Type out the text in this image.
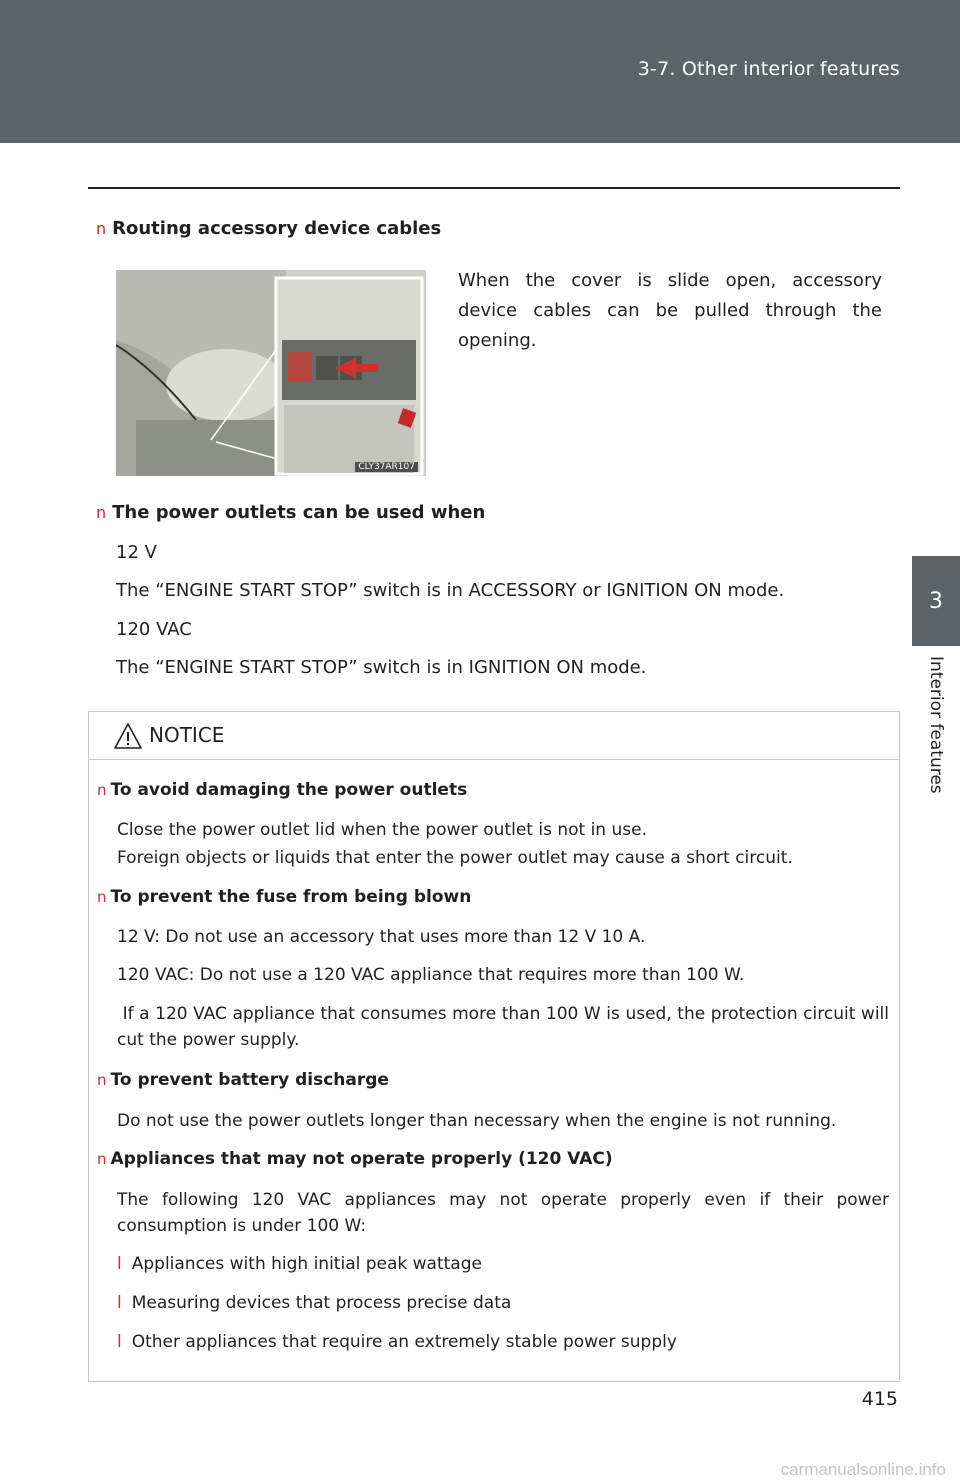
3-7. Other interior features
3
Interior features
n Routing accessory device cables
CLY37AR107
When the cover is slide open, accessory device cables can be pulled through the opening.
n The power outlets can be used when
12 V
The “ENGINE START STOP” switch is in ACCESSORY or IGNITION ON mode.
120 VAC
The “ENGINE START STOP” switch is in IGNITION ON mode.
NOTICE
n To avoid damaging the power outlets
Close the power outlet lid when the power outlet is not in use.
Foreign objects or liquids that enter the power outlet may cause a short circuit.
n To prevent the fuse from being blown
12 V: Do not use an accessory that uses more than 12 V 10 A.
120 VAC: Do not use a 120 VAC appliance that requires more than 100 W.
If a 120 VAC appliance that consumes more than 100 W is used, the protection circuit will cut the power supply.
n To prevent battery discharge
Do not use the power outlets longer than necessary when the engine is not running.
n Appliances that may not operate properly (120 VAC)
The following 120 VAC appliances may not operate properly even if their power consumption is under 100 W:
l Appliances with high initial peak wattage
l Measuring devices that process precise data
l Other appliances that require an extremely stable power supply
415
carmanualsonline.info
